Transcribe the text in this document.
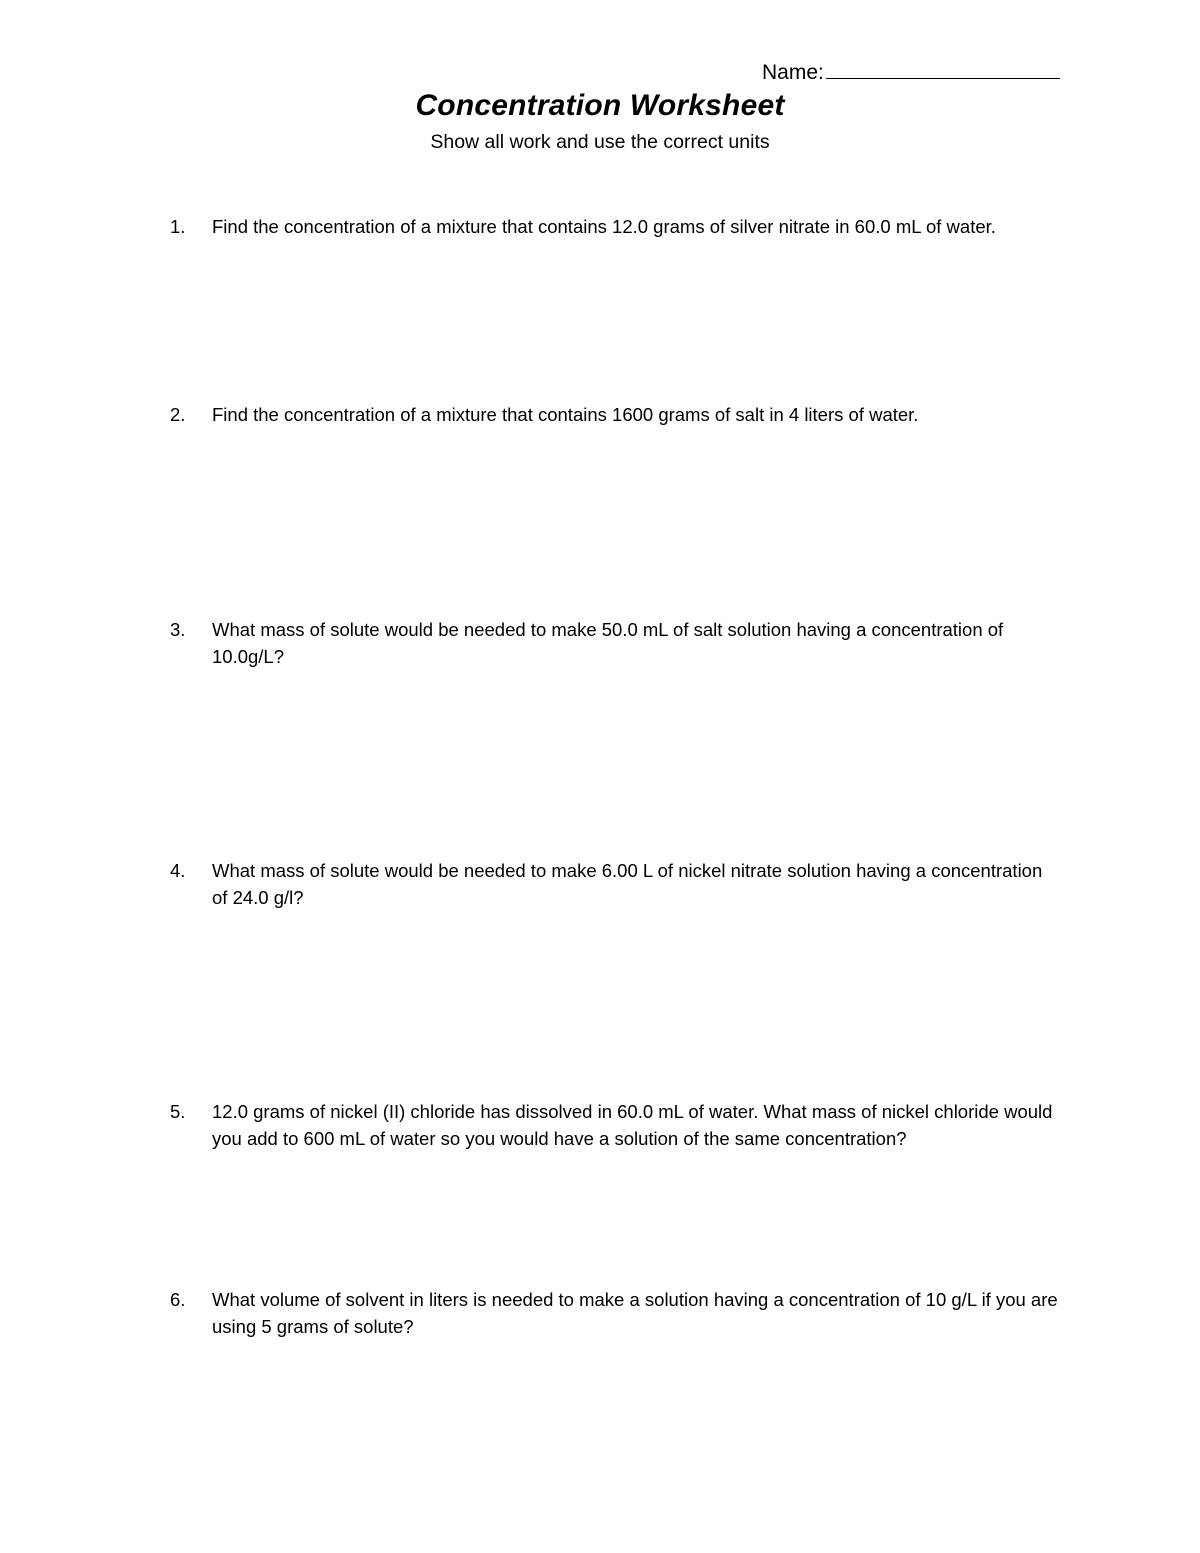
Name:
Concentration Worksheet
Show all work and use the correct units
1.	Find the concentration of a mixture that contains 12.0 grams of silver nitrate in 60.0 mL of water.
2.	Find the concentration of a mixture that contains 1600 grams of salt in 4 liters of water.
3.	What mass of solute would be needed to make 50.0 mL of salt solution having a concentration of 10.0g/L?
4.	What mass of solute would be needed to make 6.00 L of nickel nitrate solution having a concentration of 24.0 g/l?
5.	12.0 grams of nickel (II) chloride has dissolved in 60.0 mL of water. What mass of nickel chloride would you add to 600 mL of water so you would have a solution of the same concentration?
6.	What volume of solvent in liters is needed to make a solution having a concentration of 10 g/L if you are using 5 grams of solute?
